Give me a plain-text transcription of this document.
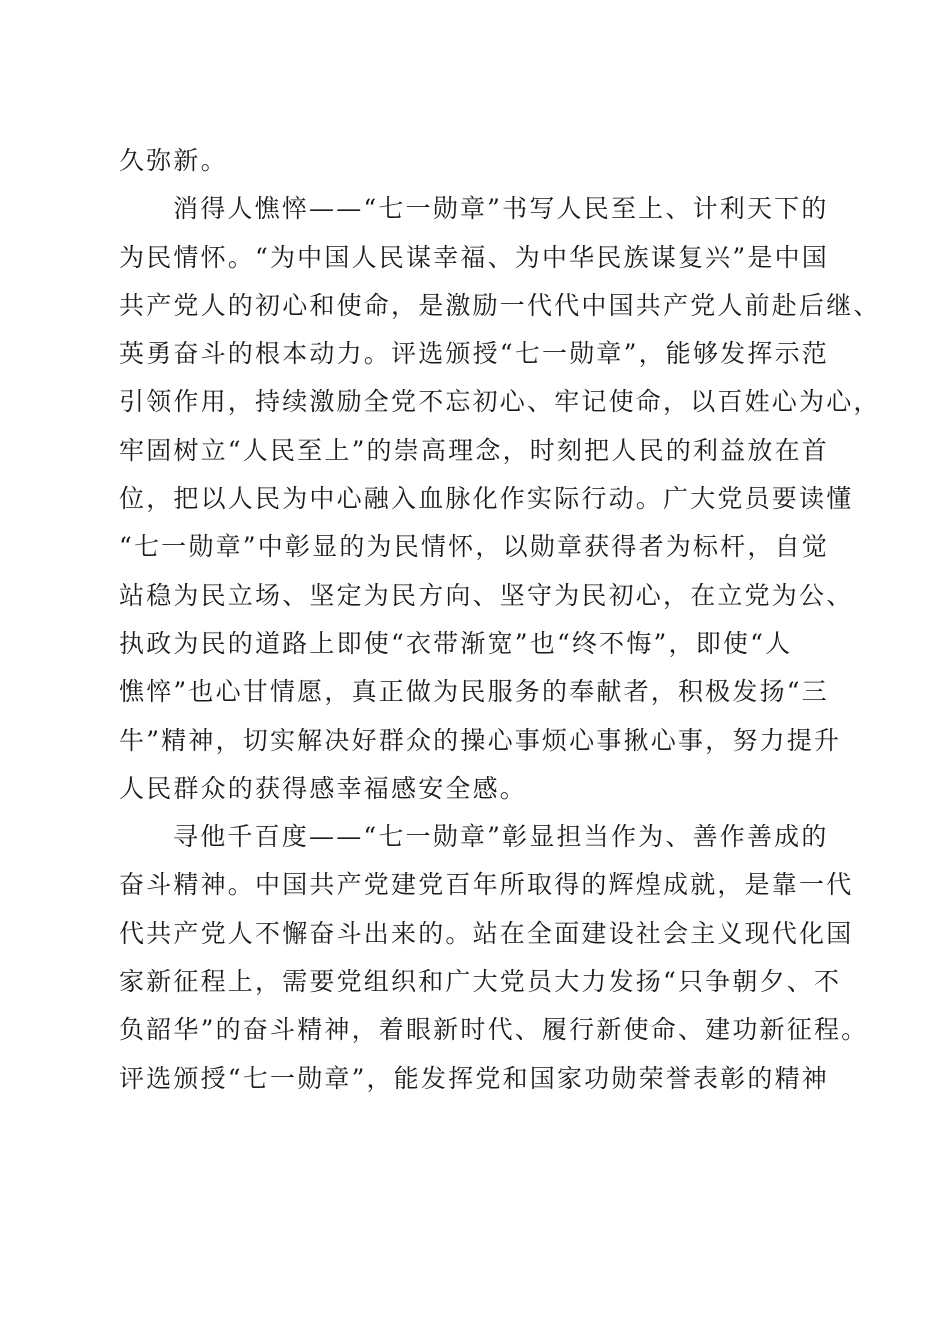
久弥新。
消得人憔悴——“七一勋章”书写人民至上、计利天下的
为民情怀。“为中国人民谋幸福、为中华民族谋复兴”是中国
共产党人的初心和使命，是激励一代代中国共产党人前赴后继、
英勇奋斗的根本动力。评选颁授“七一勋章”，能够发挥示范
引领作用，持续激励全党不忘初心、牢记使命，以百姓心为心，
牢固树立“人民至上”的崇高理念，时刻把人民的利益放在首
位，把以人民为中心融入血脉化作实际行动。广大党员要读懂
“七一勋章”中彰显的为民情怀，以勋章获得者为标杆，自觉
站稳为民立场、坚定为民方向、坚守为民初心，在立党为公、
执政为民的道路上即使“衣带渐宽”也“终不悔”，即使“人
憔悴”也心甘情愿，真正做为民服务的奉献者，积极发扬“三
牛”精神，切实解决好群众的操心事烦心事揪心事，努力提升
人民群众的获得感幸福感安全感。
寻他千百度——“七一勋章”彰显担当作为、善作善成的
奋斗精神。中国共产党建党百年所取得的辉煌成就，是靠一代
代共产党人不懈奋斗出来的。站在全面建设社会主义现代化国
家新征程上，需要党组织和广大党员大力发扬“只争朝夕、不
负韶华”的奋斗精神，着眼新时代、履行新使命、建功新征程。
评选颁授“七一勋章”，能发挥党和国家功勋荣誉表彰的精神
